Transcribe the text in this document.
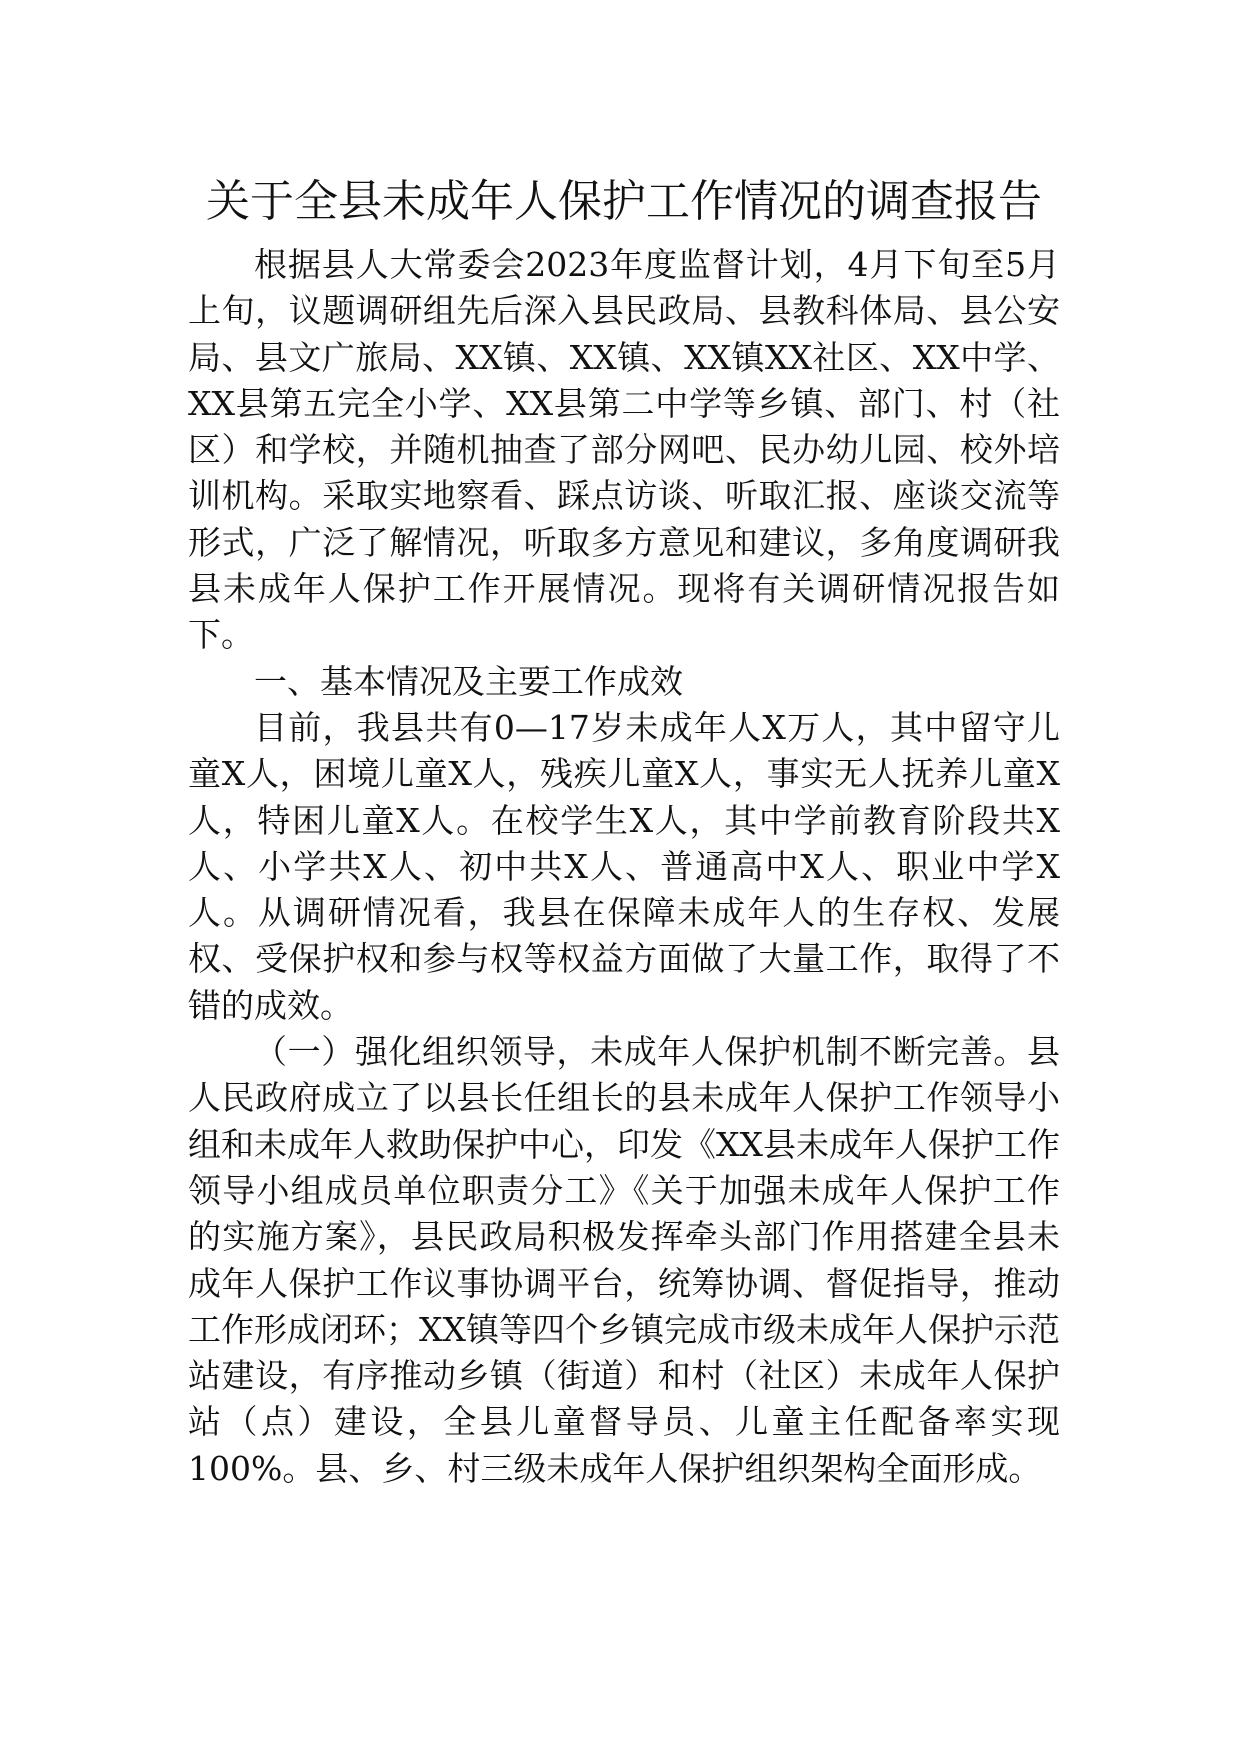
关于全县未成年人保护工作情况的调查报告

根据县人大常委会2023年度监督计划，4月下旬至5月上旬，议题调研组先后深入县民政局、县教科体局、县公安局、县文广旅局、XX镇、XX镇、XX镇XX社区、XX中学、XX县第五完全小学、XX县第二中学等乡镇、部门、村（社区）和学校，并随机抽查了部分网吧、民办幼儿园、校外培训机构。采取实地察看、踩点访谈、听取汇报、座谈交流等形式，广泛了解情况，听取多方意见和建议，多角度调研我县未成年人保护工作开展情况。现将有关调研情况报告如下。

一、基本情况及主要工作成效

目前，我县共有0—17岁未成年人X万人，其中留守儿童X人，困境儿童X人，残疾儿童X人，事实无人抚养儿童X人，特困儿童X人。在校学生X人，其中学前教育阶段共X人、小学共X人、初中共X人、普通高中X人、职业中学X人。从调研情况看，我县在保障未成年人的生存权、发展权、受保护权和参与权等权益方面做了大量工作，取得了不错的成效。

（一）强化组织领导，未成年人保护机制不断完善。县人民政府成立了以县长任组长的县未成年人保护工作领导小组和未成年人救助保护中心，印发《XX县未成年人保护工作领导小组成员单位职责分工》《关于加强未成年人保护工作的实施方案》，县民政局积极发挥牵头部门作用搭建全县未成年人保护工作议事协调平台，统筹协调、督促指导，推动工作形成闭环；XX镇等四个乡镇完成市级未成年人保护示范站建设，有序推动乡镇（街道）和村（社区）未成年人保护站（点）建设，全县儿童督导员、儿童主任配备率实现100%。县、乡、村三级未成年人保护组织架构全面形成。
